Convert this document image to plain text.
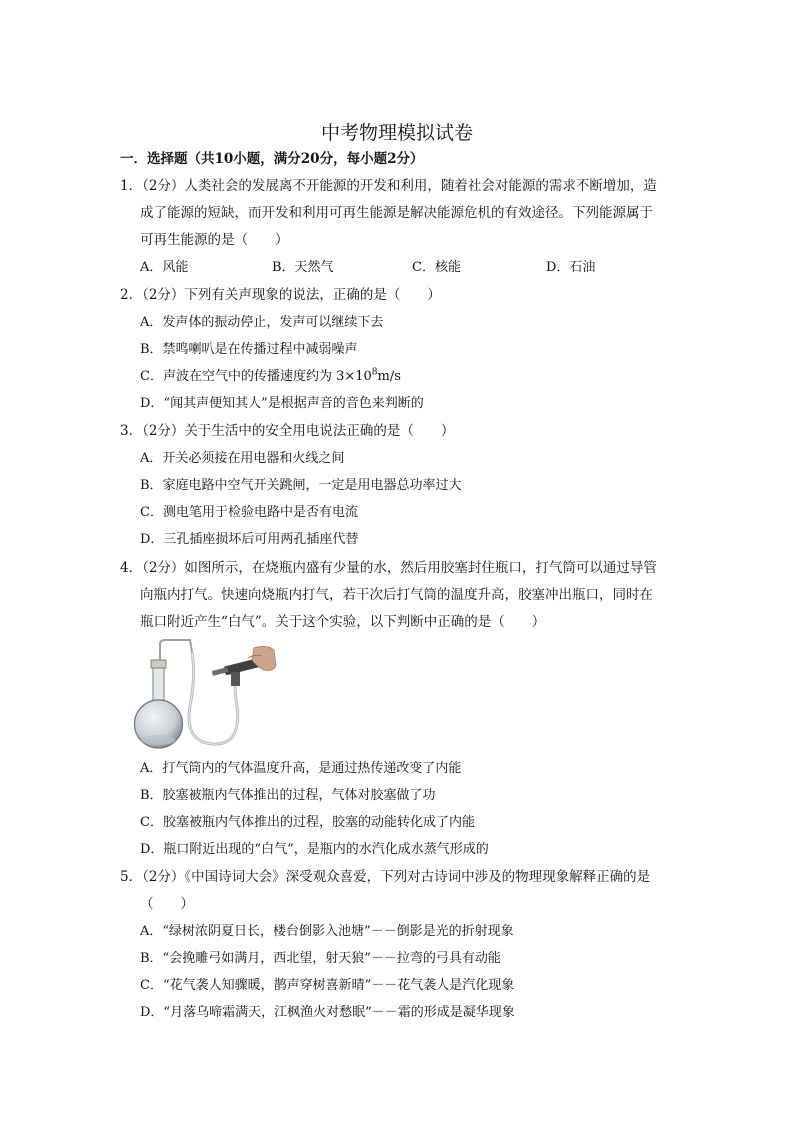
中考物理模拟试卷
一．选择题（共10小题，满分20分，每小题2分）
1．（2分）人类社会的发展离不开能源的开发和利用，随着社会对能源的需求不断增加，造
成了能源的短缺，而开发和利用可再生能源是解决能源危机的有效途径。下列能源属于
可再生能源的是（　　）
A．风能	B．天然气	C．核能	D．石油
2．（2分）下列有关声现象的说法，正确的是（　　）
A．发声体的振动停止，发声可以继续下去
B．禁鸣喇叭是在传播过程中减弱噪声
C．声波在空气中的传播速度约为 $3\times 10^8m/s$
D．“闻其声便知其人”是根据声音的音色来判断的
3．（2分）关于生活中的安全用电说法正确的是（　　）
A．开关必须接在用电器和火线之间
B．家庭电路中空气开关跳闸，一定是用电器总功率过大
C．测电笔用于检验电路中是否有电流
D．三孔插座损坏后可用两孔插座代替
4．（2分）如图所示，在烧瓶内盛有少量的水，然后用胶塞封住瓶口，打气筒可以通过导管
向瓶内打气。快速向烧瓶内打气，若干次后打气筒的温度升高，胶塞冲出瓶口，同时在
瓶口附近产生“白气”。关于这个实验，以下判断中正确的是（　　）
A．打气筒内的气体温度升高，是通过热传递改变了内能
B．胶塞被瓶内气体推出的过程，气体对胶塞做了功
C．胶塞被瓶内气体推出的过程，胶塞的动能转化成了内能
D．瓶口附近出现的“白气”，是瓶内的水汽化成水蒸气形成的
5．（2分）《中国诗词大会》深受观众喜爱，下列对古诗词中涉及的物理现象解释正确的是
（　　）
A．“绿树浓阴夏日长，楼台倒影入池塘”－－倒影是光的折射现象
B．“会挽雕弓如满月，西北望，射天狼”－－拉弯的弓具有动能
C．“花气袭人知骤暖，鹊声穿树喜新晴”－－花气袭人是汽化现象
D．“月落乌啼霜满天，江枫渔火对愁眠”－－霜的形成是凝华现象
